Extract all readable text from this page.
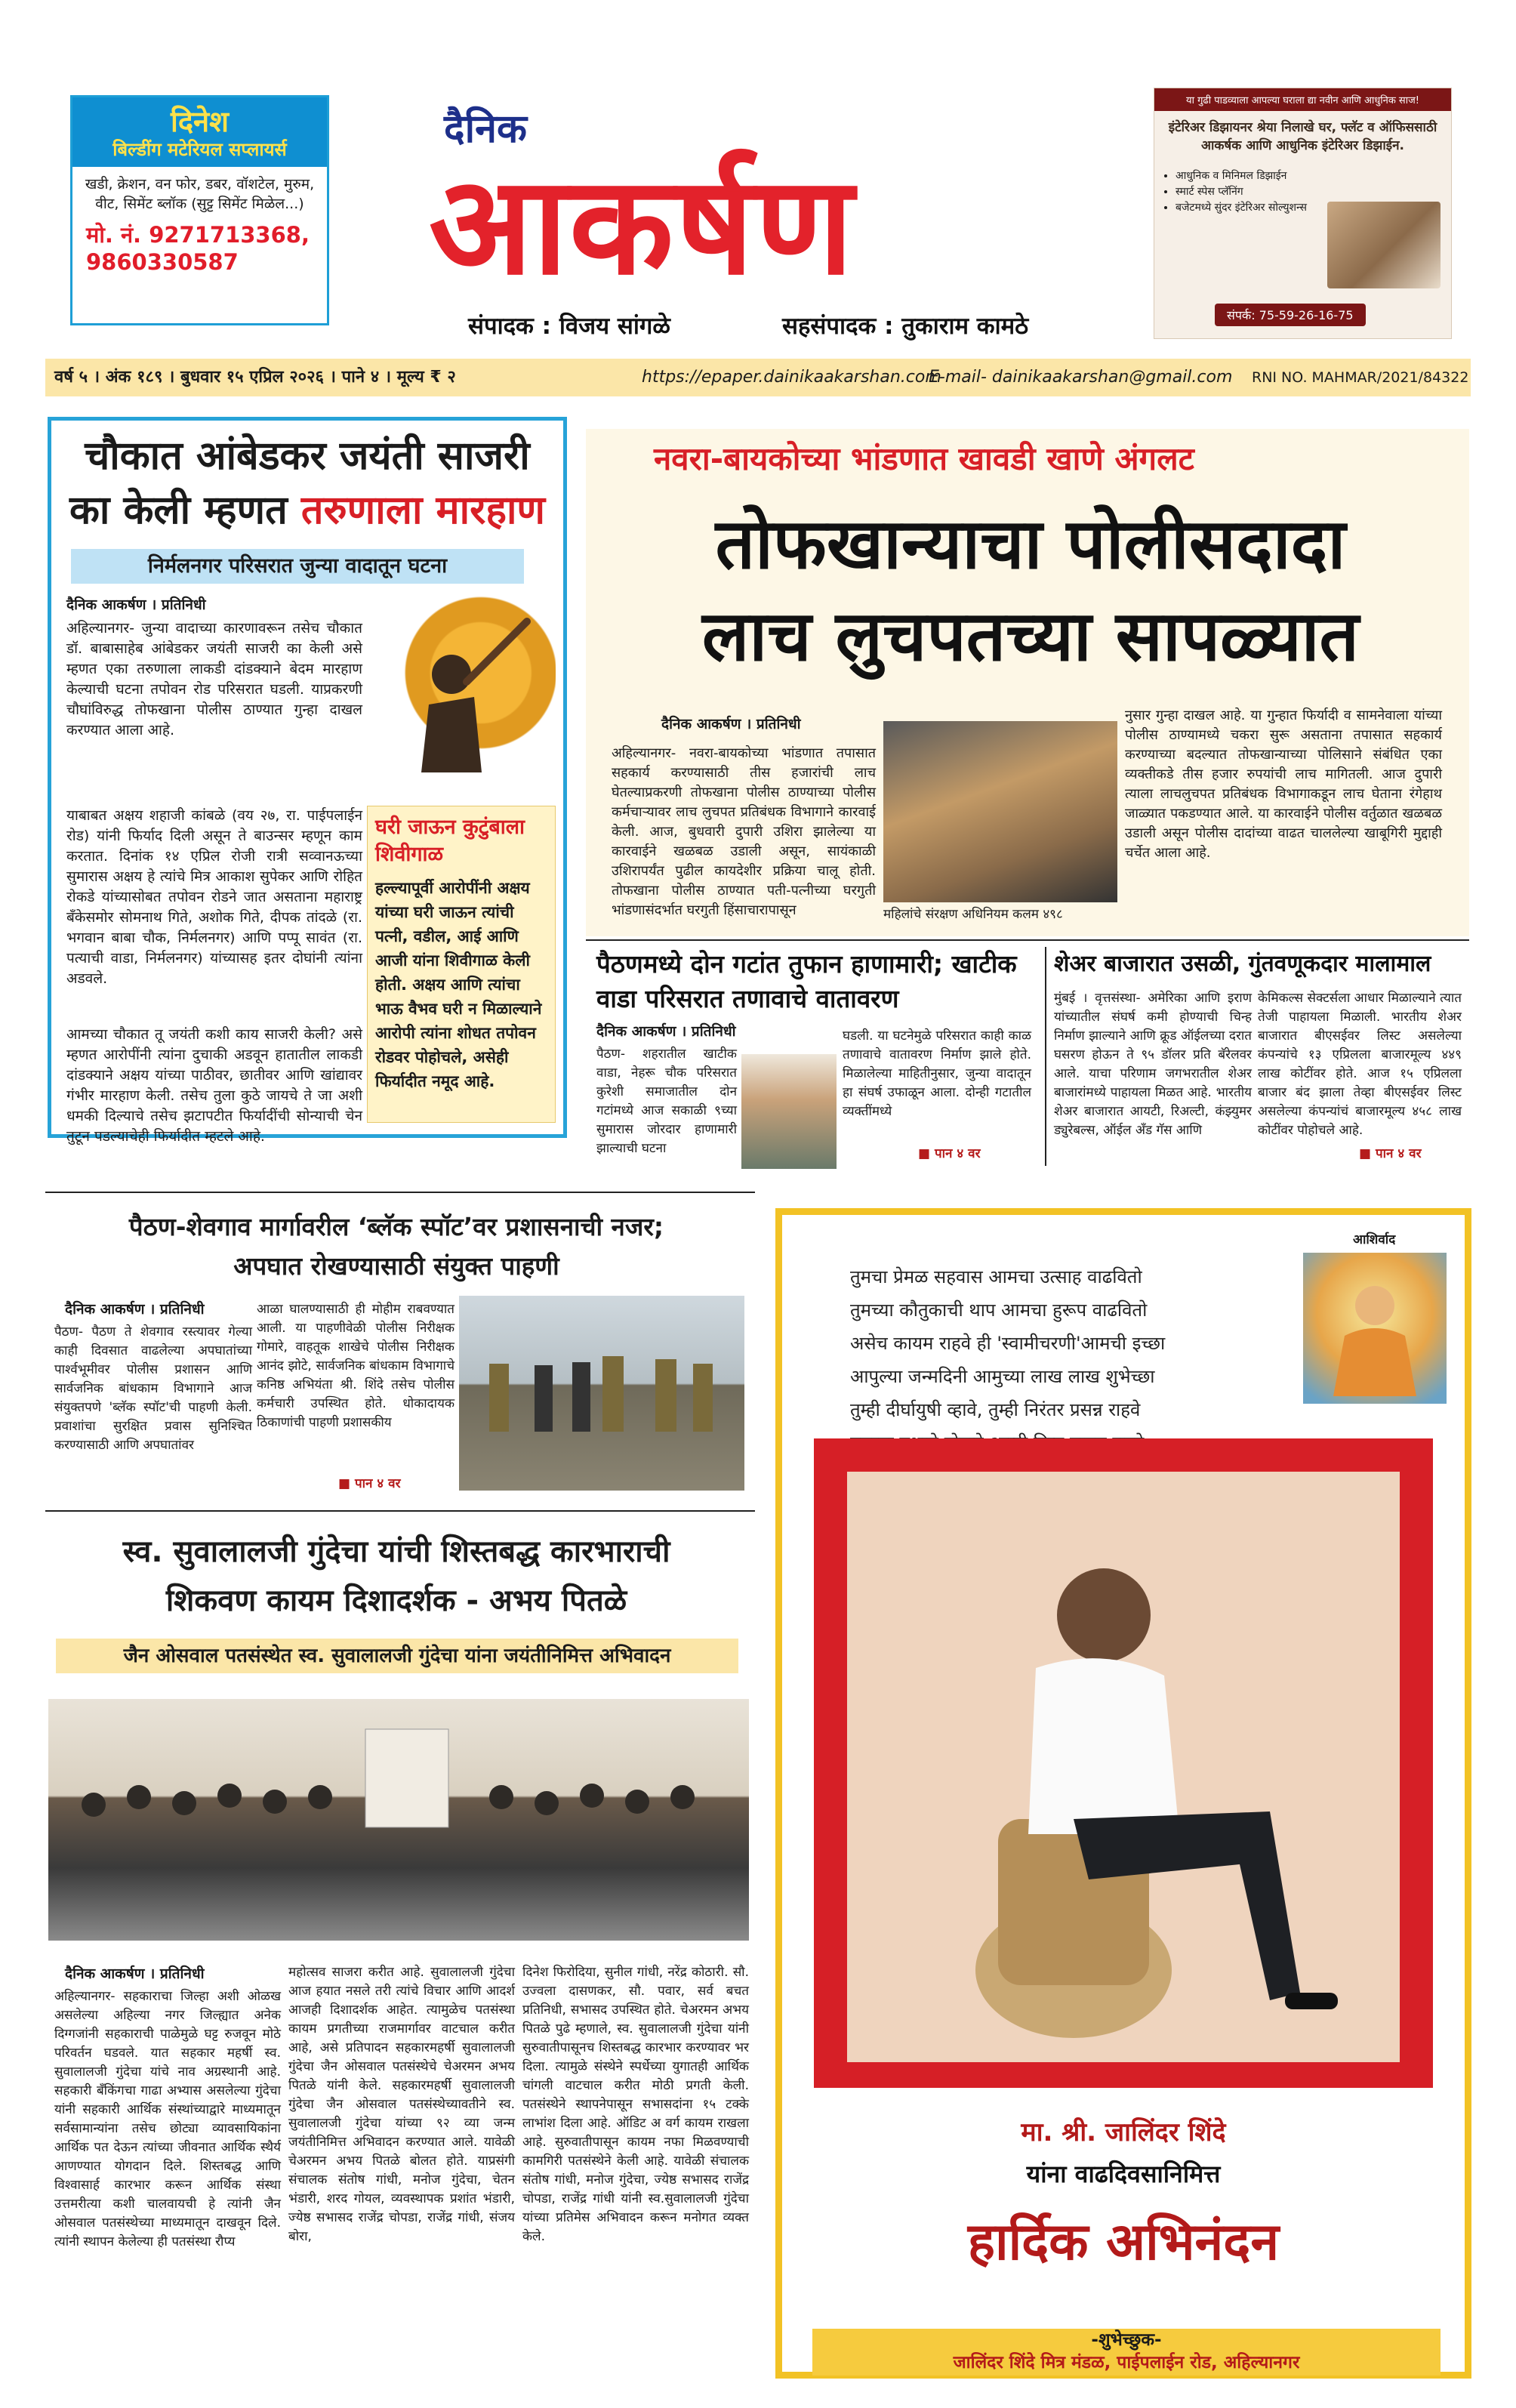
दिनेश
बिल्डींग मटेरियल सप्लायर्स
खडी, क्रेशन, वन फोर, डबर, वॉशटेल, मुरुम, वीट, सिमेंट ब्लॉक (सुट्ट सिमेंट मिळेल...)
मो. नं. 9271713368,
9860330587
दैनिक
आकर्षण
संपादक : विजय सांगळे	सहसंपादक : तुकाराम कामठे
या गुढी पाडव्याला आपल्या घराला द्या नवीन आणि आधुनिक साज!
इंटेरिअर डिझायनर श्रेया निलाखे घर, फ्लॅट व ऑफिससाठी आकर्षक आणि आधुनिक इंटेरिअर डिझाईन.
• आधुनिक व मिनिमल डिझाईन
• स्मार्ट स्पेस प्लॅनिंग
• बजेटमध्ये सुंदर इंटेरिअर सोल्युशन्स
संपर्क: 75-59-26-16-75
वर्ष ५ । अंक १८९ । बुधवार १५ एप्रिल २०२६ । पाने ४ । मूल्य ₹ २	https://epaper.dainikaakarshan.com
E-mail- dainikaakarshan@gmail.com RNI NO. MAHMAR/2021/84322
चौकात आंबेडकर जयंती साजरी
का केली म्हणत तरुणाला मारहाण
निर्मलनगर परिसरात जुन्या वादातून घटना
दैनिक आकर्षण । प्रतिनिधी
अहिल्यानगर- जुन्या वादाच्या कारणावरून तसेच चौकात डॉ. बाबासाहेब आंबेडकर जयंती साजरी का केली असे म्हणत एका तरुणाला लाकडी दांडक्याने बेदम मारहाण केल्याची घटना तपोवन रोड परिसरात घडली. याप्रकरणी चौघांविरुद्ध तोफखाना पोलीस ठाण्यात गुन्हा दाखल करण्यात आला आहे.
याबाबत अक्षय शहाजी कांबळे (वय २७, रा. पाईपलाईन रोड) यांनी फिर्याद दिली असून ते बाउन्सर म्हणून काम करतात. दिनांक १४ एप्रिल रोजी रात्री सव्वानऊच्या सुमारास अक्षय हे त्यांचे मित्र आकाश सुपेकर आणि रोहित रोकडे यांच्यासोबत तपोवन रोडने जात असताना महाराष्ट्र बँकेसमोर सोमनाथ गिते, अशोक गिते, दीपक तांदळे (रा. भगवान बाबा चौक, निर्मलनगर) आणि पप्पू सावंत (रा. पत्याची वाडा, निर्मलनगर) यांच्यासह इतर दोघांनी त्यांना अडवले.
आमच्या चौकात तू जयंती कशी काय साजरी केली? असे म्हणत आरोपींनी त्यांना दुचाकी अडवून हातातील लाकडी दांडक्याने अक्षय यांच्या पाठीवर, छातीवर आणि खांद्यावर गंभीर मारहाण केली. तसेच तुला कुठे जायचे ते जा अशी धमकी दिल्याचे तसेच झटापटीत फिर्यादींची सोन्याची चेन तुटून पडल्याचेही फिर्यादीत म्हटले आहे.
घरी जाऊन कुटुंबाला शिवीगाळ
हल्ल्यापूर्वी आरोपींनी अक्षय यांच्या घरी जाऊन त्यांची पत्नी, वडील, आई आणि आजी यांना शिवीगाळ केली होती. अक्षय आणि त्यांचा भाऊ वैभव घरी न मिळाल्याने आरोपी त्यांना शोधत तपोवन रोडवर पोहोचले, असेही फिर्यादीत नमूद आहे.
नवरा-बायकोच्या भांडणात खावडी खाणे अंगलट
तोफखान्याचा पोलीसदादा
लाच लुचपतच्या सापळ्यात
दैनिक आकर्षण । प्रतिनिधी
अहिल्यानगर- नवरा-बायकोच्या भांडणात तपासात सहकार्य करण्यासाठी तीस हजारांची लाच घेतल्याप्रकरणी तोफखाना पोलीस ठाण्याच्या पोलीस कर्मचाऱ्यावर लाच लुचपत प्रतिबंधक विभागाने कारवाई केली. आज, बुधवारी दुपारी उशिरा झालेल्या या कारवाईने खळबळ उडाली असून, सायंकाळी उशिरापर्यंत पुढील कायदेशीर प्रक्रिया चालू होती. तोफखाना पोलीस ठाण्यात पती-पत्नीच्या घरगुती भांडणासंदर्भात घरगुती हिंसाचारापासून	महिलांचे संरक्षण अधिनियम कलम ४९८
नुसार गुन्हा दाखल आहे. या गुन्हात फिर्यादी व सामनेवाला यांच्या पोलीस ठाण्यामध्ये चकरा सुरू असताना तपासात सहकार्य करण्याच्या बदल्यात तोफखान्याच्या पोलिसाने संबंधित एका व्यक्तीकडे तीस हजार रुपयांची लाच मागितली. आज दुपारी त्याला लाचलुचपत प्रतिबंधक विभागाकडून लाच घेताना रंगेहाथ जाळ्यात पकडण्यात आले. या कारवाईने पोलीस वर्तुळात खळबळ उडाली असून पोलीस दादांच्या वाढत चाललेल्या खाबूगिरी मुद्दाही चर्चेत आला आहे.
पैठणमध्ये दोन गटांत तुफान हाणामारी; खाटीक वाडा परिसरात तणावाचे वातावरण
दैनिक आकर्षण । प्रतिनिधी
पैठण- शहरातील खाटीक वाडा, नेहरू चौक परिसरात कुरेशी समाजातील दोन गटांमध्ये आज सकाळी ९च्या सुमारास जोरदार हाणामारी झाल्याची घटना
घडली. या घटनेमुळे परिसरात काही काळ तणावाचे वातावरण निर्माण झाले होते. मिळालेल्या माहितीनुसार, जुन्या वादातून हा संघर्ष उफाळून आला. दोन्ही गटातील व्यक्तींमध्ये
■ पान ४ वर
शेअर बाजारात उसळी, गुंतवणूकदार मालामाल
मुंबई । वृत्तसंस्था- अमेरिका आणि इराण यांच्यातील संघर्ष कमी होण्याची चिन्ह निर्माण झाल्याने आणि क्रूड ऑईलच्या दरात घसरण होऊन ते ९५ डॉलर प्रति बॅरेलवर आले. याचा परिणाम जगभरातील शेअर बाजारांमध्ये पाहायला मिळत आहे. भारतीय शेअर बाजारात आयटी, रिअल्टी, कंझ्युमर ड्युरेबल्स, ऑईल अँड गॅस आणि
केमिकल्स सेक्टर्सला आधार मिळाल्याने त्यात तेजी पाहायला मिळाली. भारतीय शेअर बाजारात बीएसईवर लिस्ट असलेल्या कंपन्यांचे १३ एप्रिलला बाजारमूल्य ४४९ लाख कोटींवर होते. आज १५ एप्रिलला बाजार बंद झाला तेव्हा बीएसईवर लिस्ट असलेल्या कंपन्यांचं बाजारमूल्य ४५८ लाख कोटींवर पोहोचले आहे.
■ पान ४ वर
पैठण-शेवगाव मार्गावरील ‘ब्लॅक स्पॉट’वर प्रशासनाची नजर;
अपघात रोखण्यासाठी संयुक्त पाहणी
दैनिक आकर्षण । प्रतिनिधी
पैठण- पैठण ते शेवगाव रस्त्यावर गेल्या काही दिवसात वाढलेल्या अपघातांच्या पार्श्वभूमीवर पोलीस प्रशासन आणि सार्वजनिक बांधकाम विभागाने आज संयुक्तपणे 'ब्लॅक स्पॉट'ची पाहणी केली. प्रवाशांचा सुरक्षित प्रवास सुनिश्चित करण्यासाठी आणि अपघातांवर
आळा घालण्यासाठी ही मोहीम राबवण्यात आली. या पाहणीवेळी पोलीस निरीक्षक गोमारे, वाहतूक शाखेचे पोलीस निरीक्षक आनंद झोटे, सार्वजनिक बांधकाम विभागाचे कनिष्ठ अभियंता श्री. शिंदे तसेच पोलीस कर्मचारी उपस्थित होते. धोकादायक ठिकाणांची पाहणी प्रशासकीय
■ पान ४ वर
स्व. सुवालालजी गुंदेचा यांची शिस्तबद्ध कारभाराची
शिकवण कायम दिशादर्शक - अभय पितळे
जैन ओसवाल पतसंस्थेत स्व. सुवालालजी गुंदेचा यांना जयंतीनिमित्त अभिवादन
दैनिक आकर्षण । प्रतिनिधी
अहिल्यानगर- सहकाराचा जिल्हा अशी ओळख असलेल्या अहिल्या नगर जिल्ह्यात अनेक दिग्गजांनी सहकाराची पाळेमुळे घट्ट रुजवून मोठे परिवर्तन घडवले. यात सहकार महर्षी स्व. सुवालालजी गुंदेचा यांचे नाव अग्रस्थानी आहे. सहकारी बँकिंगचा गाढा अभ्यास असलेल्या गुंदेचा यांनी सहकारी आर्थिक संस्थांच्याद्वारे माध्यमातून सर्वसामान्यांना तसेच छोट्या व्यावसायिकांना आर्थिक पत देऊन त्यांच्या जीवनात आर्थिक स्थैर्य आणण्यात योगदान दिले. शिस्तबद्ध आणि विश्वासार्ह कारभार करून आर्थिक संस्था उत्तमरीत्या कशी चालवायची हे त्यांनी जैन ओसवाल पतसंस्थेच्या माध्यमातून दाखवून दिले. त्यांनी स्थापन केलेल्या ही पतसंस्था रौप्य
महोत्सव साजरा करीत आहे. सुवालालजी गुंदेचा आज हयात नसले तरी त्यांचे विचार आणि आदर्श आजही दिशादर्शक आहेत. त्यामुळेच पतसंस्था कायम प्रगतीच्या राजमार्गावर वाटचाल करीत आहे, असे प्रतिपादन सहकारमहर्षी सुवालालजी गुंदेचा जैन ओसवाल पतसंस्थेचे चेअरमन अभय पितळे यांनी केले. सहकारमहर्षी सुवालालजी गुंदेचा जैन ओसवाल पतसंस्थेच्यावतीने स्व. सुवालालजी गुंदेचा यांच्या ९२ व्या जन्म जयंतीनिमित्त अभिवादन करण्यात आले. यावेळी चेअरमन अभय पितळे बोलत होते. याप्रसंगी संचालक संतोष गांधी, मनोज गुंदेचा, चेतन भंडारी, शरद गोयल, व्यवस्थापक प्रशांत भंडारी, ज्येष्ठ सभासद राजेंद्र चोपडा, राजेंद्र गांधी, संजय बोरा,
दिनेश फिरोदिया, सुनील गांधी, नरेंद्र कोठारी. सौ. उज्वला दासणकर, सौ. पवार, सर्व बचत प्रतिनिधी, सभासद उपस्थित होते. चेअरमन अभय पितळे पुढे म्हणाले, स्व. सुवालालजी गुंदेचा यांनी सुरुवातीपासूनच शिस्तबद्ध कारभार करण्यावर भर दिला. त्यामुळे संस्थेने स्पर्धेच्या युगातही आर्थिक चांगली वाटचाल करीत मोठी प्रगती केली. पतसंस्थेने स्थापनेपासून सभासदांना १५ टक्के लाभांश दिला आहे. ऑडिट अ वर्ग कायम राखला आहे. सुरुवातीपासून कायम नफा मिळवण्याची कामगिरी पतसंस्थेने केली आहे. यावेळी संचालक संतोष गांधी, मनोज गुंदेचा, ज्येष्ठ सभासद राजेंद्र चोपडा, राजेंद्र गांधी यांनी स्व.सुवालालजी गुंदेचा यांच्या प्रतिमेस अभिवादन करून मनोगत व्यक्त केले.
तुमचा प्रेमळ सहवास आमचा उत्साह वाढवितो
तुमच्या कौतुकाची थाप आमचा हुरूप वाढवितो
असेच कायम राहवे ही 'स्वामीचरणी'आमची इच्छा
आपुल्या जन्मदिनी आमुच्या लाख लाख शुभेच्छा
तुम्ही दीर्घायुषी व्हावे, तुम्ही निरंतर प्रसन्न राहवे
आशिर्वाद
मा. श्री. जालिंदर शिंदे
यांना वाढदिवसानिमित्त
हार्दिक अभिनंदन
-शुभेच्छुक-
जालिंदर शिंदे मित्र मंडळ, पाईपलाईन रोड, अहिल्यानगर
